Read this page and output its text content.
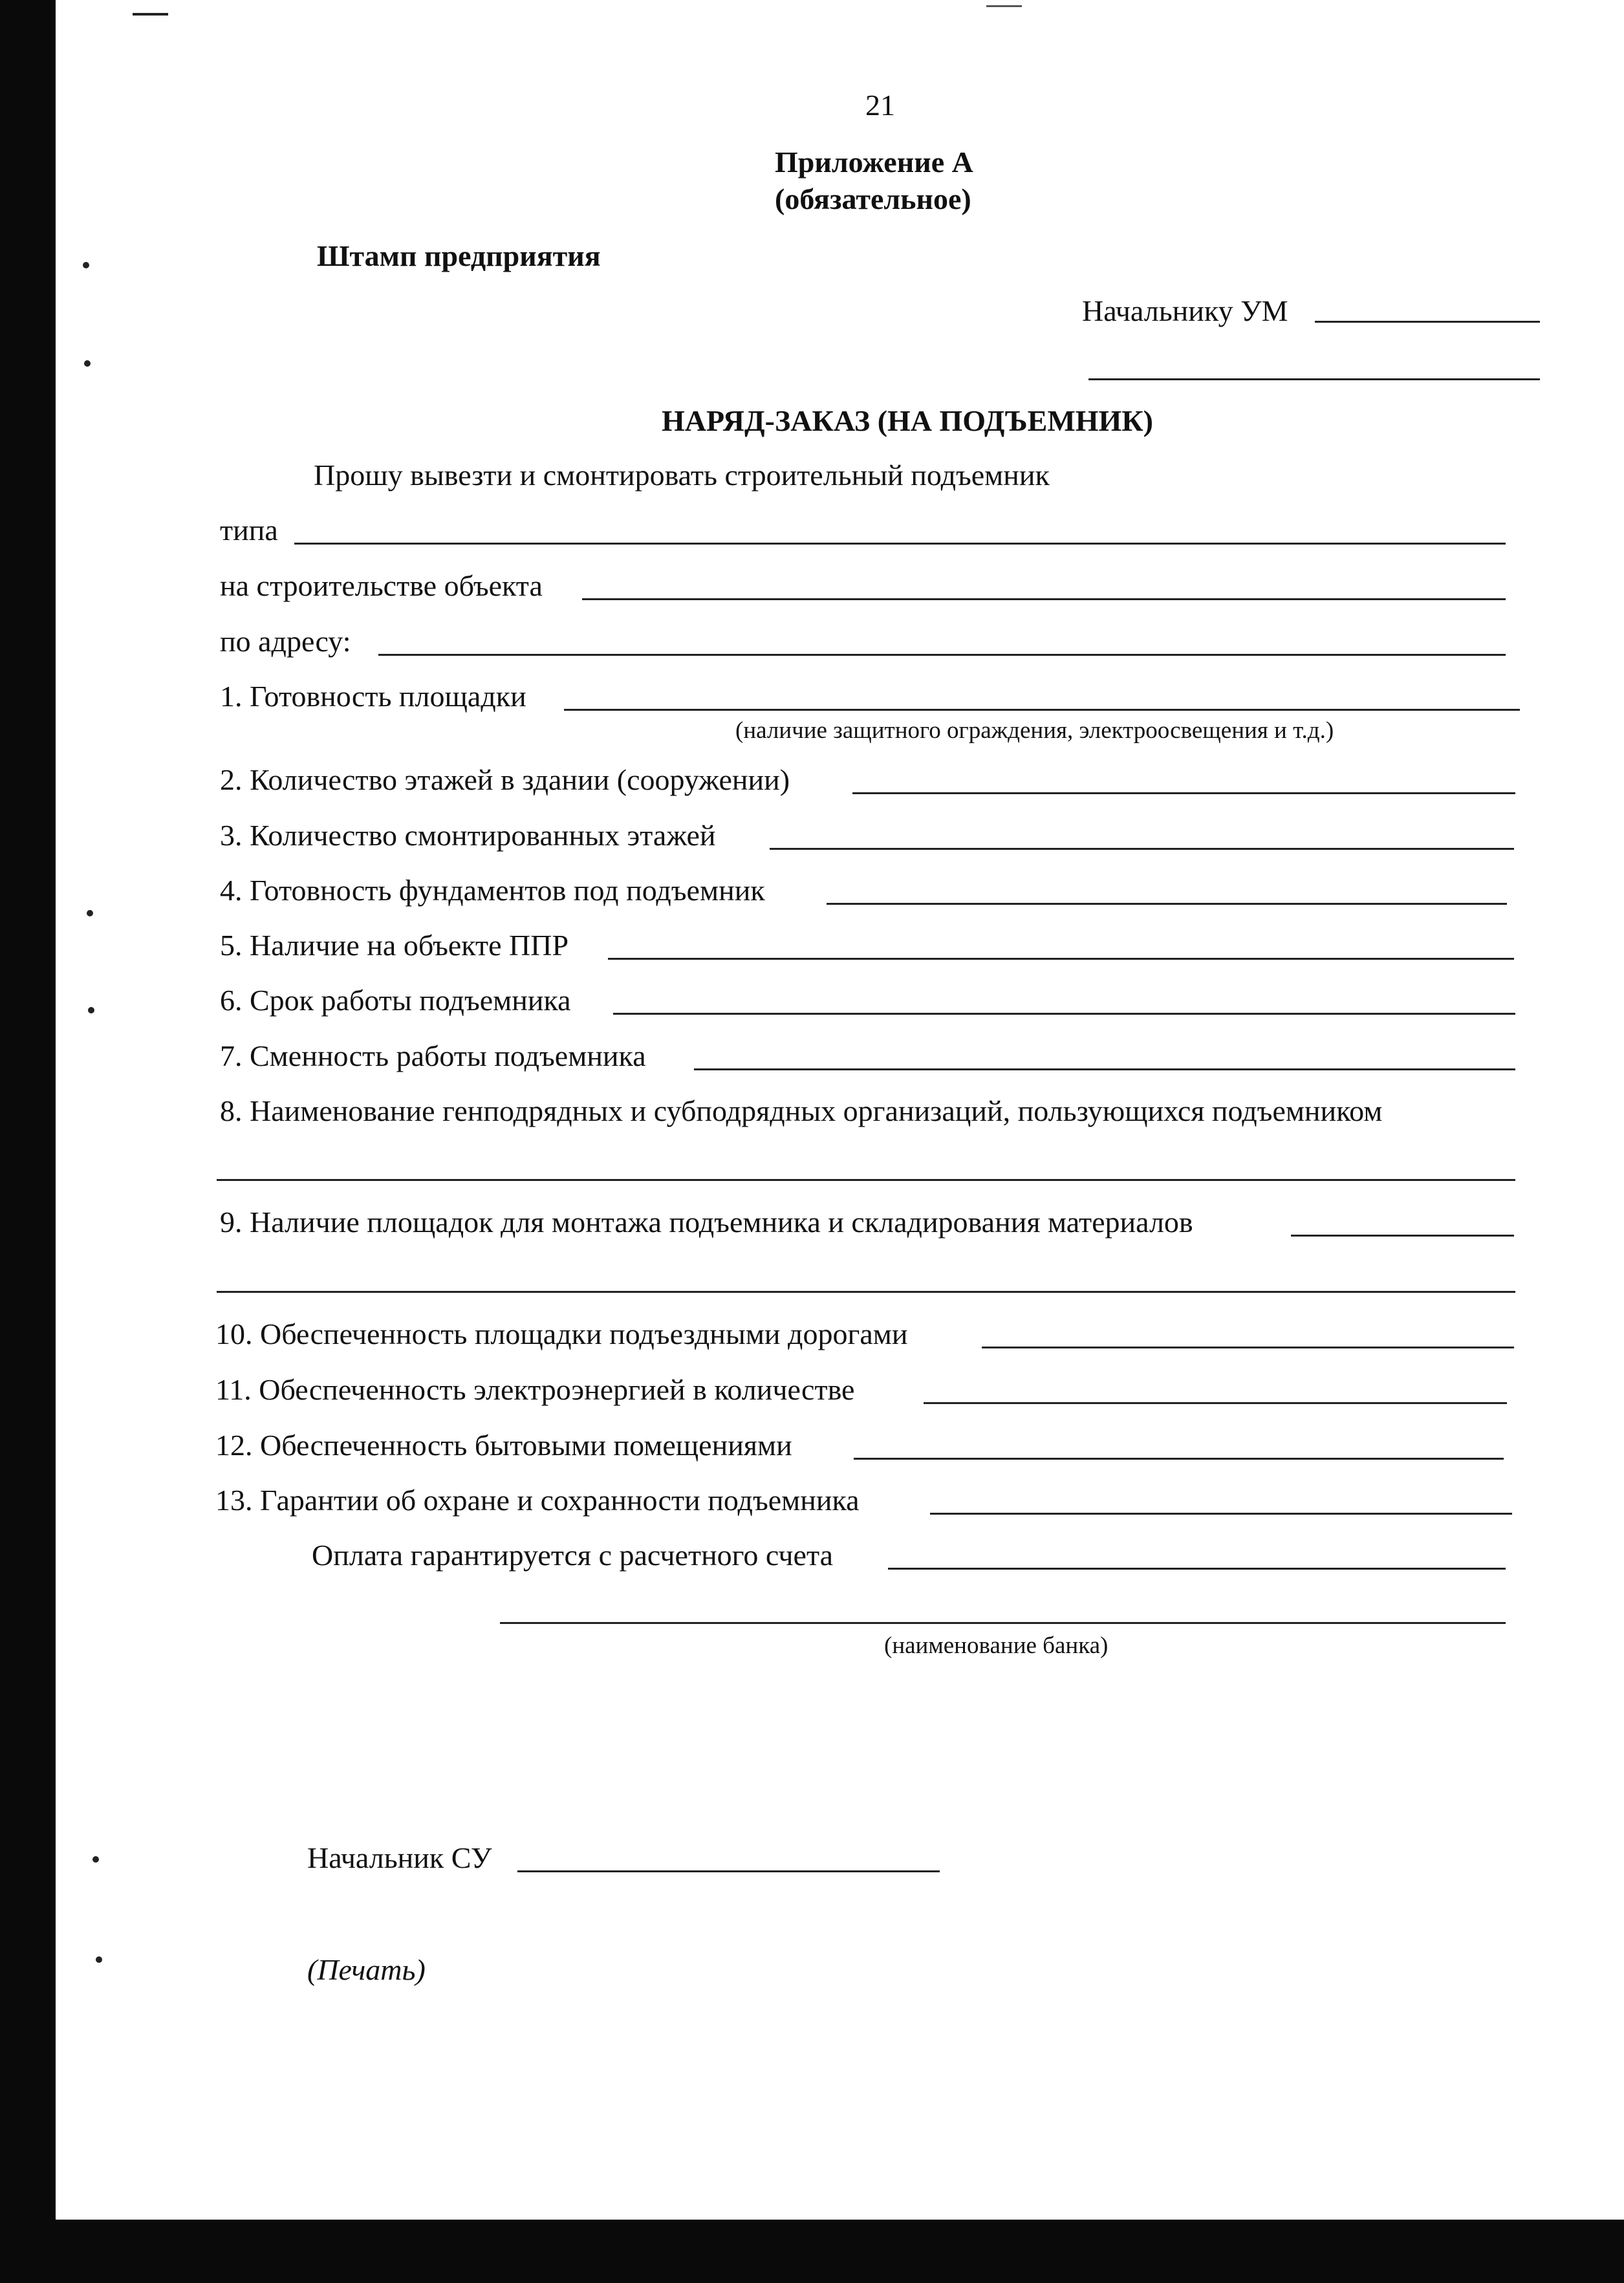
21
Приложение А
(обязательное)
Штамп предприятия
Начальнику УМ
НАРЯД-ЗАКАЗ (НА ПОДЪЕМНИК)
Прошу вывезти и смонтировать строительный подъемник
типа
на строительстве объекта
по адресу:
1. Готовность площадки
(наличие защитного ограждения, электроосвещения и т.д.)
2. Количество этажей в здании (сооружении)
3. Количество смонтированных этажей
4. Готовность фундаментов под подъемник
5. Наличие на объекте ППР
6. Срок работы подъемника
7. Сменность работы подъемника
8. Наименование генподрядных и субподрядных организаций, пользующихся подъемником
9. Наличие площадок для монтажа подъемника и складирования материалов
10. Обеспеченность площадки подъездными дорогами
11. Обеспеченность электроэнергией в количестве
12. Обеспеченность бытовыми помещениями
13. Гарантии об охране и сохранности подъемника
Оплата гарантируется с расчетного счета
(наименование банка)
Начальник СУ
(Печать)
